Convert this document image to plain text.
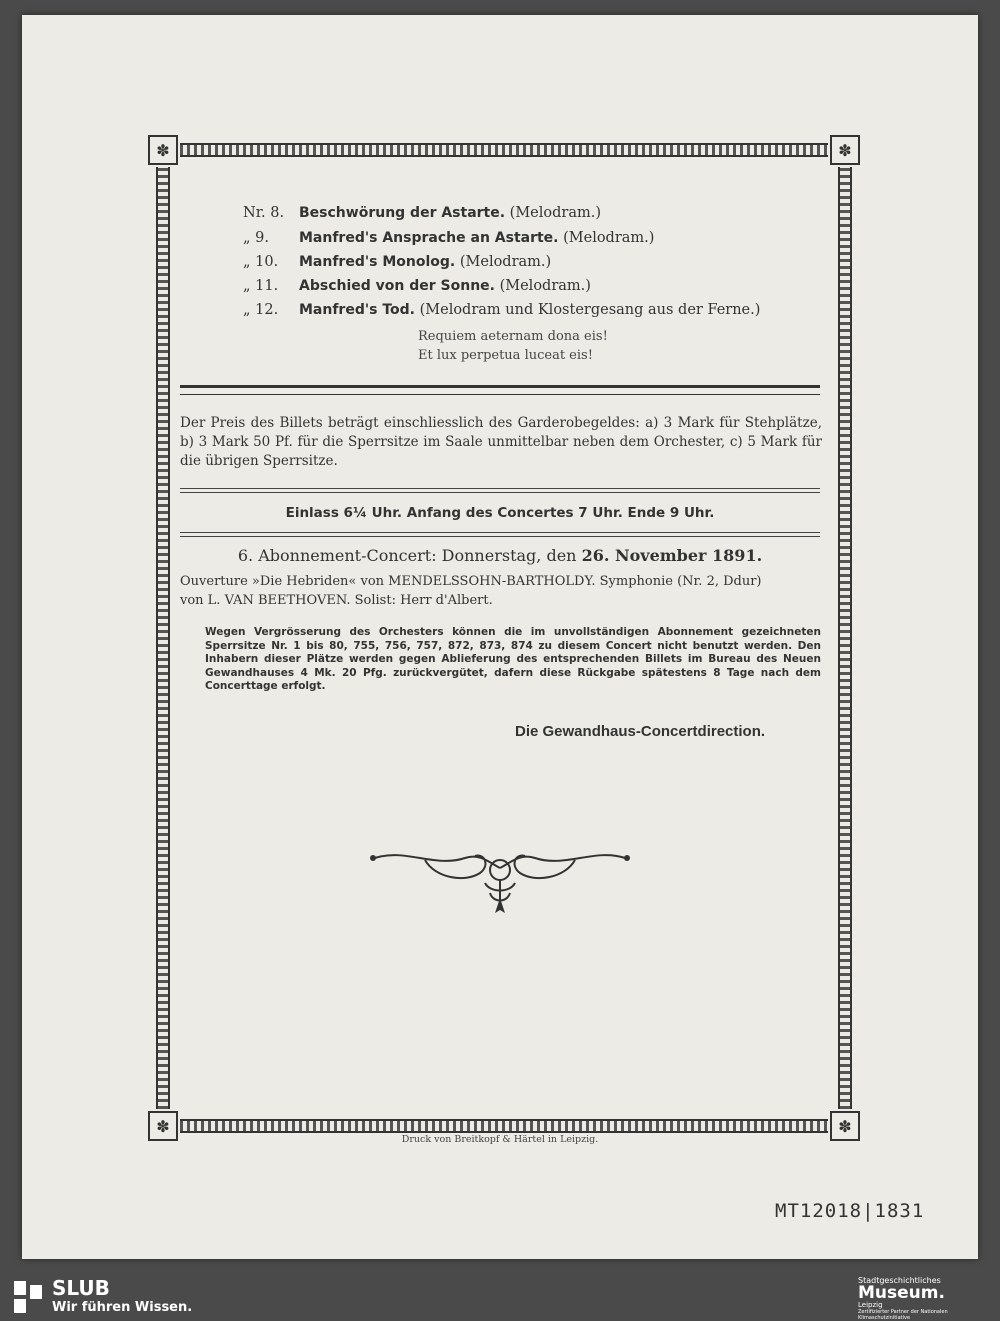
✽	✽
✽	✽
Nr. 8. Beschwörung der Astarte. (Melodram.)
„ 9. Manfred's Ansprache an Astarte. (Melodram.)
„ 10. Manfred's Monolog. (Melodram.)
„ 11. Abschied von der Sonne. (Melodram.)
„ 12. Manfred's Tod. (Melodram und Klostergesang aus der Ferne.)
Requiem aeternam dona eis!
Et lux perpetua luceat eis!
Der Preis des Billets beträgt einschliesslich des Garderobegeldes: a) 3 Mark für Stehplätze, b) 3 Mark 50 Pf. für die Sperrsitze im Saale unmittelbar neben dem Orchester, c) 5 Mark für die übrigen Sperrsitze.
Einlass 6¼ Uhr. Anfang des Concertes 7 Uhr. Ende 9 Uhr.
6. Abonnement-Concert: Donnerstag, den 26. November 1891.
Ouverture »Die Hebriden« von MENDELSSOHN-BARTHOLDY. Symphonie (Nr. 2, Ddur)
von L. VAN BEETHOVEN. Solist: Herr d'Albert.
Wegen Vergrösserung des Orchesters können die im unvollständigen Abonnement gezeichneten Sperrsitze Nr. 1 bis 80, 755, 756, 757, 872, 873, 874 zu diesem Concert nicht benutzt werden. Den Inhabern dieser Plätze werden gegen Ablieferung des entsprechenden Billets im Bureau des Neuen Gewandhauses 4 Mk. 20 Pfg. zurückvergütet, dafern diese Rückgabe spätestens 8 Tage nach dem Concerttage erfolgt.
Die Gewandhaus-Concertdirection.
Druck von Breitkopf & Härtel in Leipzig.
MT12018|1831
SLUB
Wir führen Wissen.
Stadtgeschichtliches
Museum.
Leipzig
Zertifizierter Partner der Nationalen Klimaschutzinitiative
